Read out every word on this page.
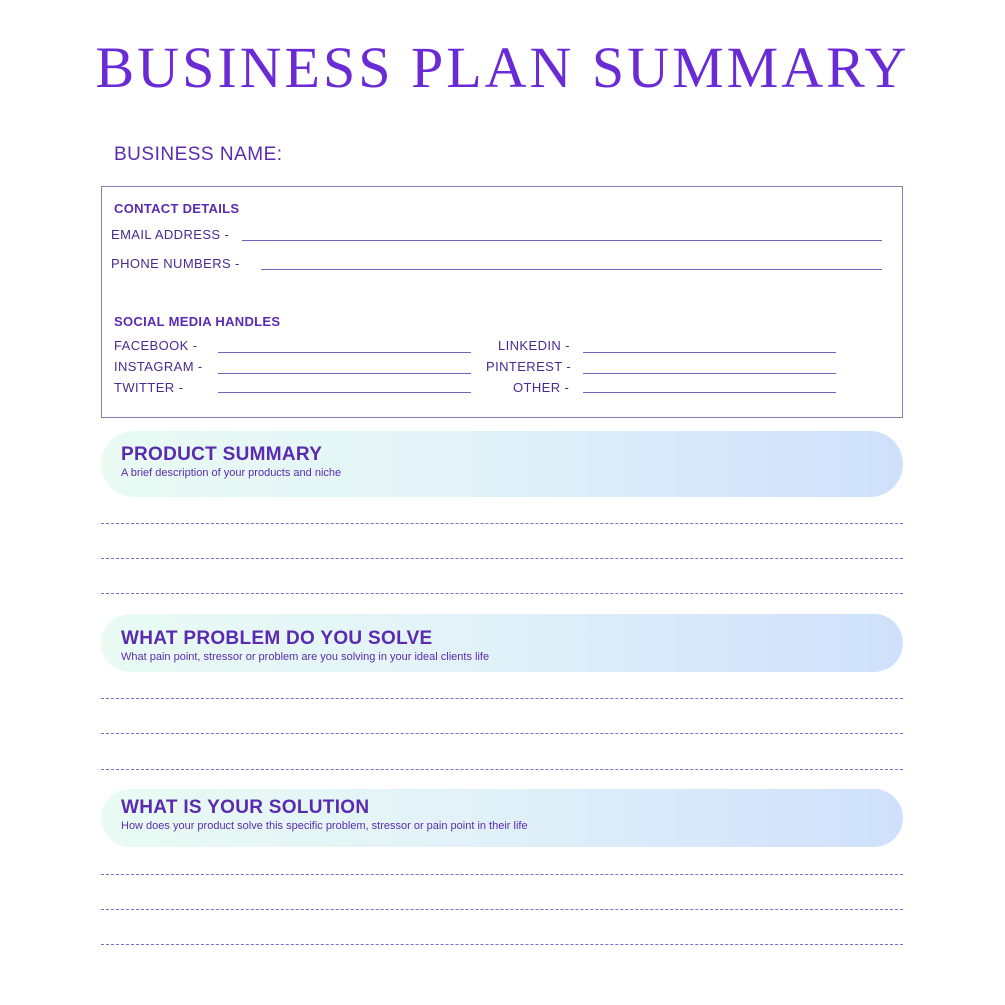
BUSINESS PLAN SUMMARY
BUSINESS NAME:
CONTACT DETAILS
EMAIL ADDRESS -
PHONE NUMBERS -
SOCIAL MEDIA HANDLES
FACEBOOK -
INSTAGRAM -
TWITTER -
LINKEDIN -
PINTEREST -
OTHER -
PRODUCT SUMMARY
A brief description of your products and niche
WHAT PROBLEM DO YOU SOLVE
What pain point, stressor or problem are you solving in your ideal clients life
WHAT IS YOUR SOLUTION
How does your product solve this specific problem, stressor or pain point in their life
